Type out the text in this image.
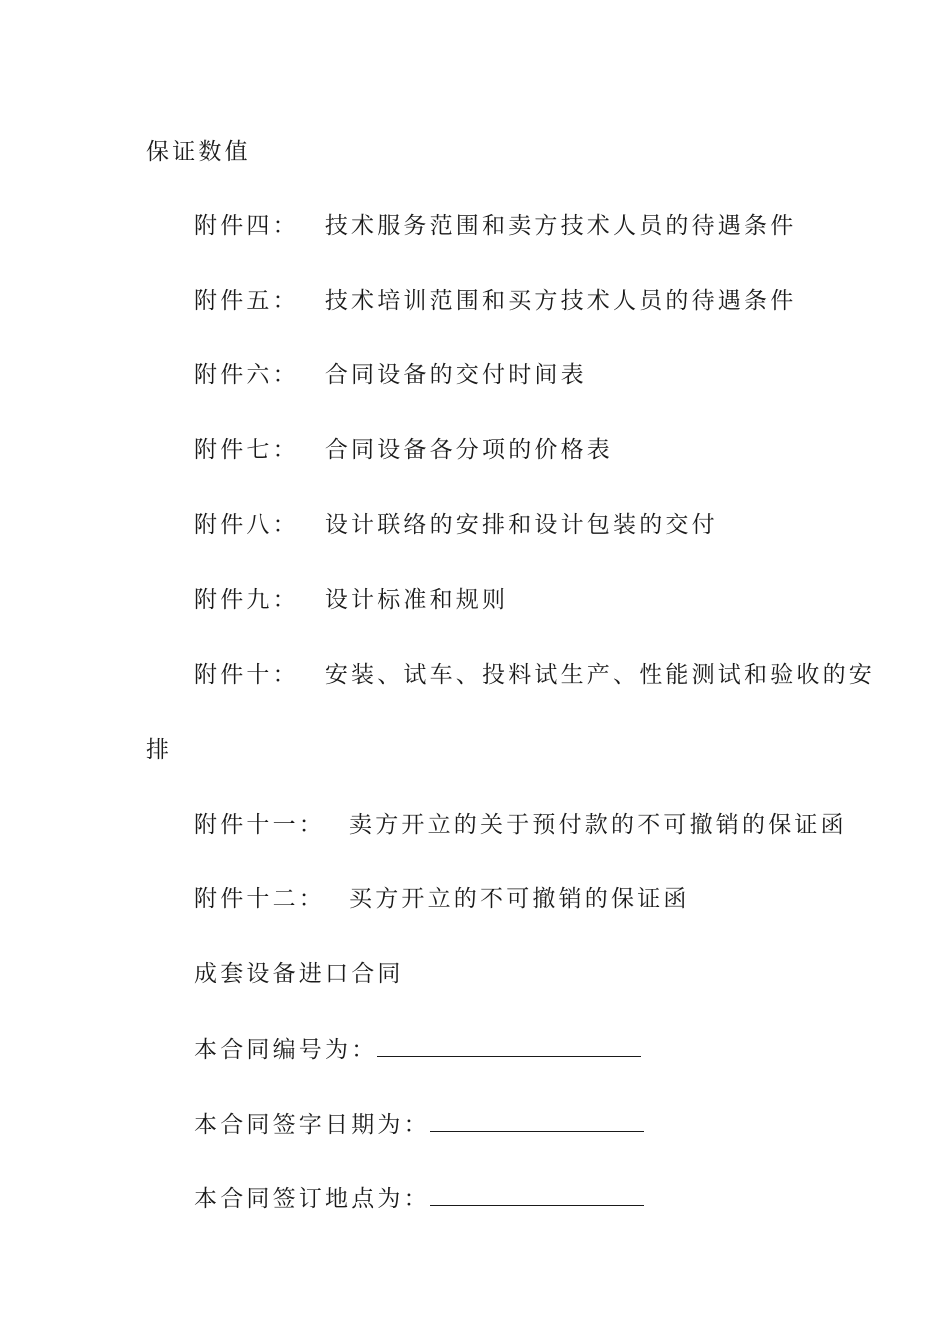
保证数值
附件四： 技术服务范围和卖方技术人员的待遇条件
附件五： 技术培训范围和买方技术人员的待遇条件
附件六： 合同设备的交付时间表
附件七： 合同设备各分项的价格表
附件八： 设计联络的安排和设计包装的交付
附件九： 设计标准和规则
附件十： 安装、试车、投料试生产、性能测试和验收的安
排
附件十一： 卖方开立的关于预付款的不可撤销的保证函
附件十二： 买方开立的不可撤销的保证函
成套设备进口合同
本合同编号为：
本合同签字日期为：
本合同签订地点为：
